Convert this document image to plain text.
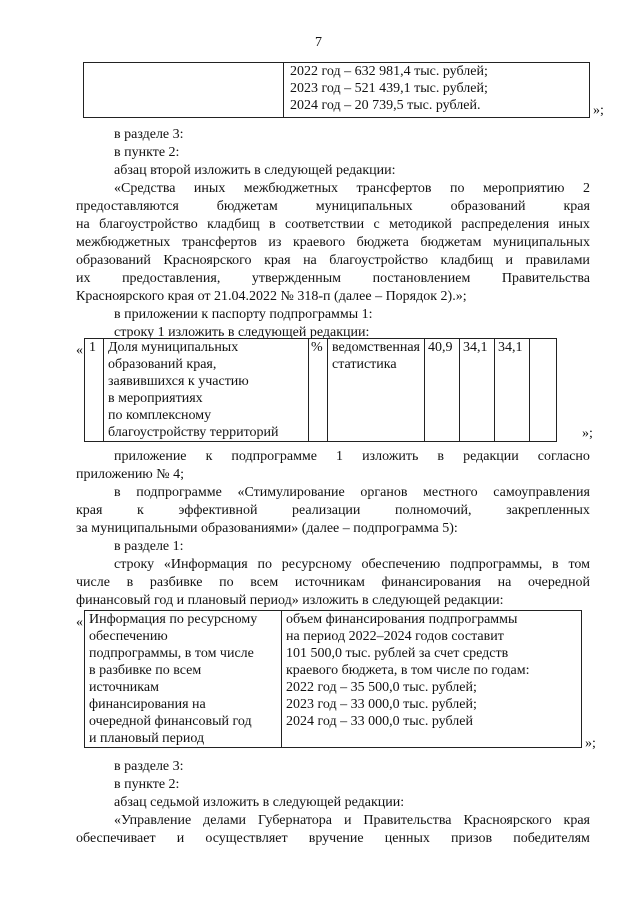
7

2022 год – 632 981,4 тыс. рублей;
2023 год – 521 439,1 тыс. рублей;
2024 год – 20 739,5 тыс. рублей.	»;
в разделе 3:
в пункте 2:
абзац второй изложить в следующей редакции:
«Средства иных межбюджетных трансфертов по мероприятию 2
предоставляются	бюджетам	муниципальных	образований	края
на благоустройство кладбищ в соответствии с методикой распределения иных
межбюджетных трансфертов из краевого бюджета бюджетам муниципальных
образований Красноярского края на благоустройство кладбищ и правилами
их предоставления, утвержденным постановлением Правительства
Красноярского края от 21.04.2022 № 318-п (далее – Порядок 2).»;
в приложении к паспорту подпрограммы 1:
строку 1 изложить в следующей редакции:
« 1	Доля муниципальных
образований края,
заявившихся к участию
в мероприятиях
по комплексному
благоустройству территорий
	%	ведомственная
статистика
	40,9	34,1	34,1	
»;
приложение к подпрограмме 1 изложить в редакции согласно
приложению № 4;
в подпрограмме «Стимулирование органов местного самоуправления
края к эффективной реализации полномочий, закрепленных
за муниципальными образованиями» (далее – подпрограмма 5):
в разделе 1:
строку «Информация по ресурсному обеспечению подпрограммы, в том
числе в разбивке по всем источникам финансирования на очередной
финансовый год и плановый период» изложить в следующей редакции:
« Информация по ресурсному
обеспечению
подпрограммы, в том числе
в разбивке по всем
источникам
финансирования на
очередной финансовый год
и плановый период

объем финансирования подпрограммы
на период 2022–2024 годов составит
101 500,0 тыс. рублей за счет средств
краевого бюджета, в том числе по годам:
2022 год – 35 500,0 тыс. рублей;
2023 год – 33 000,0 тыс. рублей;
2024 год – 33 000,0 тыс. рублей
»;
в разделе 3:
в пункте 2:
абзац седьмой изложить в следующей редакции:
«Управление делами Губернатора и Правительства Красноярского края
обеспечивает и осуществляет вручение ценных призов победителям
